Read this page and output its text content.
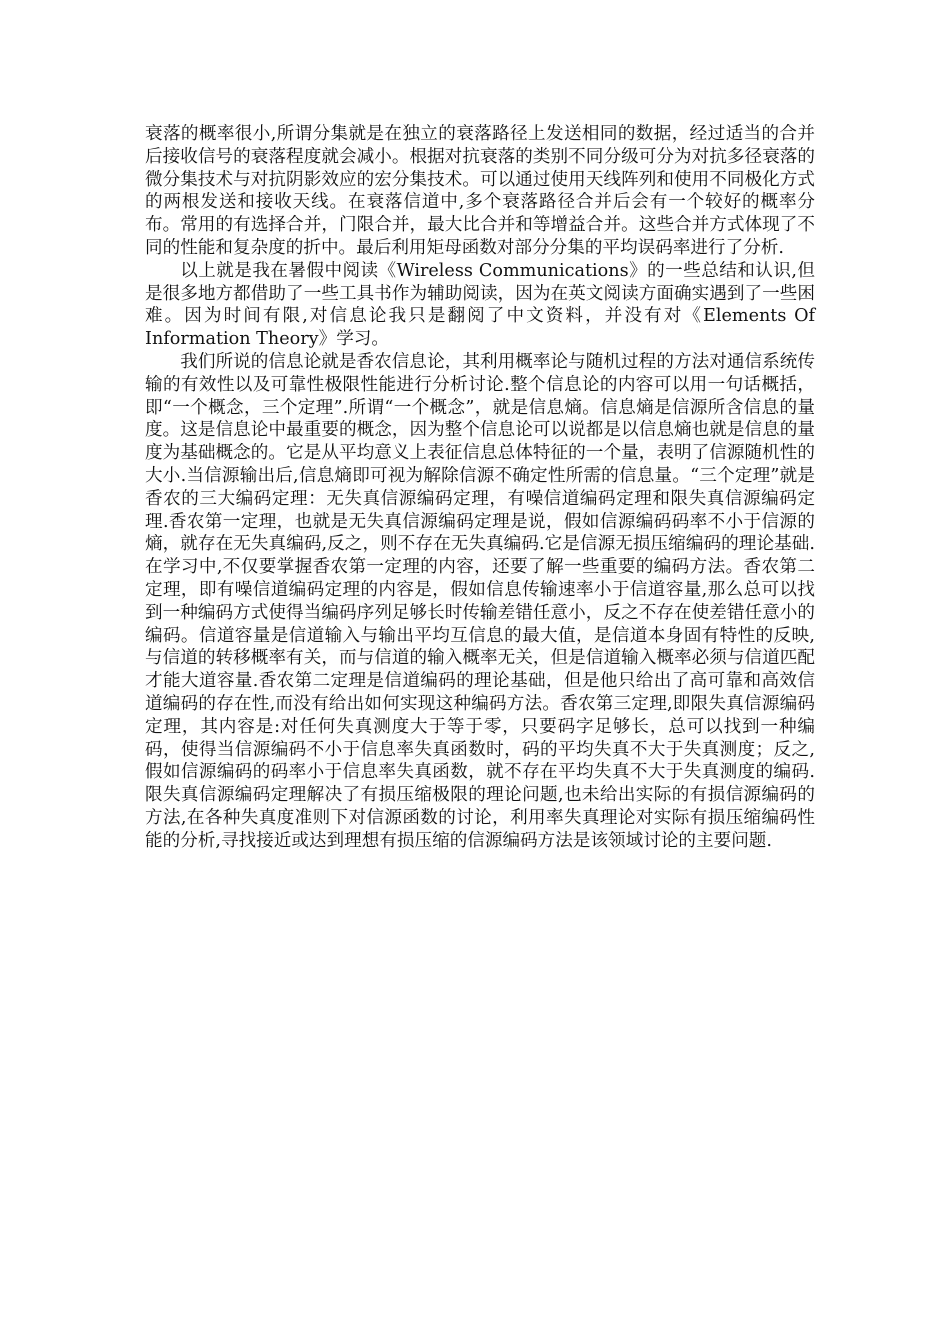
衰落的概率很小,所谓分集就是在独立的衰落路径上发送相同的数据，经过适当的合并后接收信号的衰落程度就会减小。根据对抗衰落的类别不同分级可分为对抗多径衰落的微分集技术与对抗阴影效应的宏分集技术。可以通过使用天线阵列和使用不同极化方式的两根发送和接收天线。在衰落信道中,多个衰落路径合并后会有一个较好的概率分布。常用的有选择合并，门限合并，最大比合并和等增益合并。这些合并方式体现了不同的性能和复杂度的折中。最后利用矩母函数对部分分集的平均误码率进行了分析.

以上就是我在暑假中阅读《Wireless Communications》的一些总结和认识,但是很多地方都借助了一些工具书作为辅助阅读，因为在英文阅读方面确实遇到了一些困难。因为时间有限,对信息论我只是翻阅了中文资料，并没有对《Elements Of Information Theory》学习。

我们所说的信息论就是香农信息论，其利用概率论与随机过程的方法对通信系统传输的有效性以及可靠性极限性能进行分析讨论.整个信息论的内容可以用一句话概括，即“一个概念，三个定理”.所谓“一个概念”，就是信息熵。信息熵是信源所含信息的量度。这是信息论中最重要的概念，因为整个信息论可以说都是以信息熵也就是信息的量度为基础概念的。它是从平均意义上表征信息总体特征的一个量，表明了信源随机性的大小.当信源输出后,信息熵即可视为解除信源不确定性所需的信息量。“三个定理”就是香农的三大编码定理：无失真信源编码定理，有噪信道编码定理和限失真信源编码定理.香农第一定理，也就是无失真信源编码定理是说，假如信源编码码率不小于信源的熵，就存在无失真编码,反之，则不存在无失真编码.它是信源无损压缩编码的理论基础.在学习中,不仅要掌握香农第一定理的内容，还要了解一些重要的编码方法。香农第二定理，即有噪信道编码定理的内容是，假如信息传输速率小于信道容量,那么总可以找到一种编码方式使得当编码序列足够长时传输差错任意小，反之不存在使差错任意小的编码。信道容量是信道输入与输出平均互信息的最大值，是信道本身固有特性的反映,与信道的转移概率有关，而与信道的输入概率无关，但是信道输入概率必须与信道匹配才能大道容量.香农第二定理是信道编码的理论基础，但是他只给出了高可靠和高效信道编码的存在性,而没有给出如何实现这种编码方法。香农第三定理,即限失真信源编码定理，其内容是:对任何失真测度大于等于零，只要码字足够长，总可以找到一种编码，使得当信源编码不小于信息率失真函数时，码的平均失真不大于失真测度；反之,假如信源编码的码率小于信息率失真函数，就不存在平均失真不大于失真测度的编码.限失真信源编码定理解决了有损压缩极限的理论问题,也未给出实际的有损信源编码的方法,在各种失真度准则下对信源函数的讨论，利用率失真理论对实际有损压缩编码性能的分析,寻找接近或达到理想有损压缩的信源编码方法是该领域讨论的主要问题.
